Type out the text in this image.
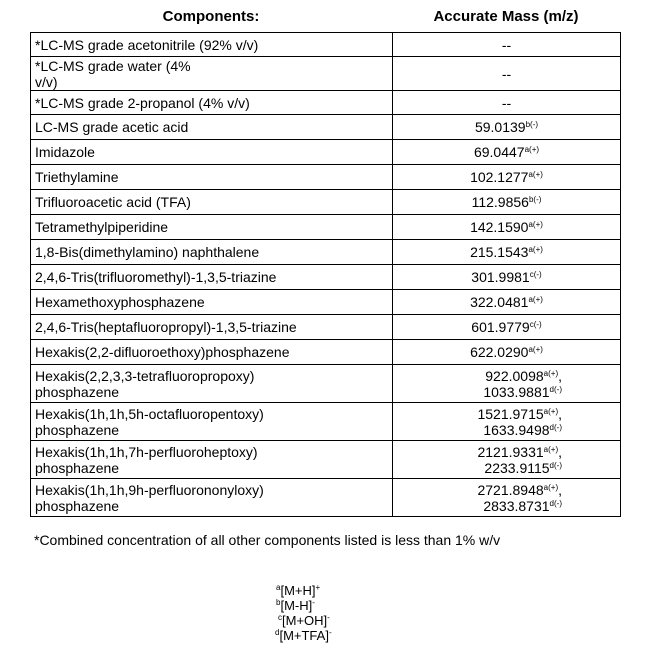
Components:	Accurate Mass (m/z)
*LC-MS grade acetonitrile (92% v/v)	--

*LC-MS grade water (4% v/v)	--

*LC-MS grade 2-propanol (4% v/v)	--

LC-MS grade acetic acid	$59.0139^{b(-)}$

Imidazole	$69.0447^{a(+)}$

Triethylamine	$102.1277^{a(+)}$

Trifluoroacetic acid (TFA)	$112.9856^{b(-)}$

Tetramethylpiperidine	$142.1590^{a(+)}$

1,8-Bis(dimethylamino) naphthalene	$215.1543^{a(+)}$

2,4,6-Tris(trifluoromethyl)-1,3,5-triazine	$301.9981^{c(-)}$

Hexamethoxyphosphazene	$322.0481^{a(+)}$

2,4,6-Tris(heptafluoropropyl)-1,3,5-triazine	$601.9779^{c(-)}$

Hexakis(2,2-difluoroethoxy)phosphazene	$622.0290^{a(+)}$

Hexakis(2,2,3,3-tetrafluoropropoxy) phosphazene	$922.0098^{a(+)}$,
$1033.9881^{d(-)}$

Hexakis(1h,1h,5h-octafluoropentoxy) phosphazene	$1521.9715^{a(+)}$,
$1633.9498^{d(-)}$

Hexakis(1h,1h,7h-perfluoroheptoxy) phosphazene	$2121.9331^{a(+)}$,
$2233.9115^{d(-)}$

Hexakis(1h,1h,9h-perfluorononyloxy) phosphazene	$2721.8948^{a(+)}$,
$2833.8731^{d(-)}$
*Combined concentration of all other components listed is less than 1% w/v
$^a$[M+H]+
$^b$[M-H]-
$^c$[M+OH]-
$^d$[M+TFA]-
